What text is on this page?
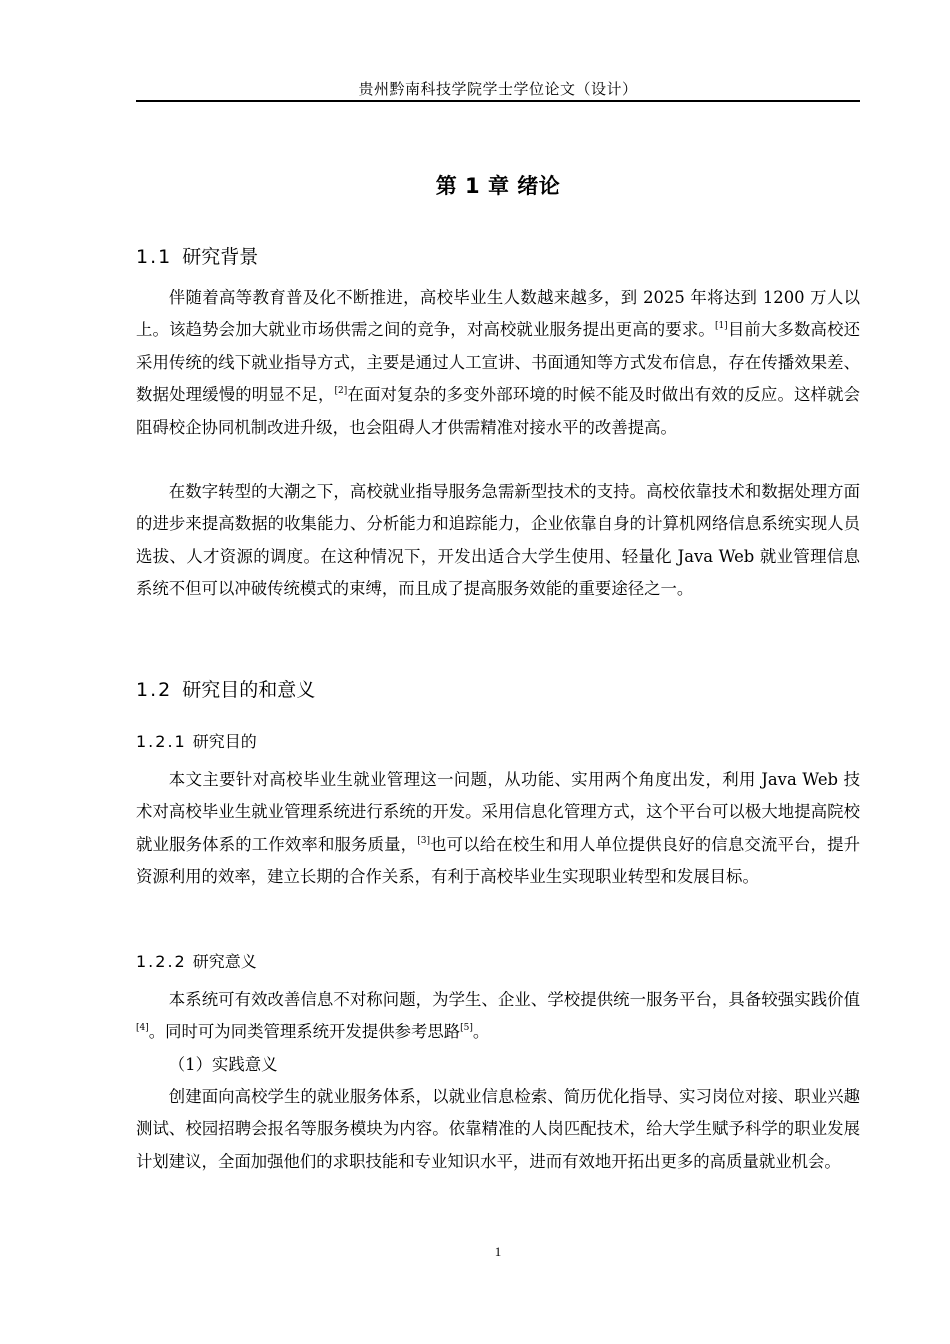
贵州黔南科技学院学士学位论文（设计）
第 1 章 绪论
1.1 研究背景

伴随着高等教育普及化不断推进，高校毕业生人数越来越多，到 2025 年将达到 1200 万人以上。该趋势会加大就业市场供需之间的竞争，对高校就业服务提出更高的要求。[1]目前大多数高校还采用传统的线下就业指导方式，主要是通过人工宣讲、书面通知等方式发布信息，存在传播效果差、数据处理缓慢的明显不足，[2]在面对复杂的多变外部环境的时候不能及时做出有效的反应。这样就会阻碍校企协同机制改进升级，也会阻碍人才供需精准对接水平的改善提高。

在数字转型的大潮之下，高校就业指导服务急需新型技术的支持。高校依靠技术和数据处理方面的进步来提高数据的收集能力、分析能力和追踪能力，企业依靠自身的计算机网络信息系统实现人员选拔、人才资源的调度。在这种情况下，开发出适合大学生使用、轻量化 Java Web 就业管理信息系统不但可以冲破传统模式的束缚，而且成了提高服务效能的重要途径之一。

1.2 研究目的和意义
1.2.1 研究目的

本文主要针对高校毕业生就业管理这一问题，从功能、实用两个角度出发，利用 Java Web 技术对高校毕业生就业管理系统进行系统的开发。采用信息化管理方式，这个平台可以极大地提高院校就业服务体系的工作效率和服务质量，[3]也可以给在校生和用人单位提供良好的信息交流平台，提升资源利用的效率，建立长期的合作关系，有利于高校毕业生实现职业转型和发展目标。

1.2.2 研究意义

本系统可有效改善信息不对称问题，为学生、企业、学校提供统一服务平台，具备较强实践价值[4]。同时可为同类管理系统开发提供参考思路[5]。

（1）实践意义

创建面向高校学生的就业服务体系，以就业信息检索、简历优化指导、实习岗位对接、职业兴趣测试、校园招聘会报名等服务模块为内容。依靠精准的人岗匹配技术，给大学生赋予科学的职业发展计划建议，全面加强他们的求职技能和专业知识水平，进而有效地开拓出更多的高质量就业机会。

1
